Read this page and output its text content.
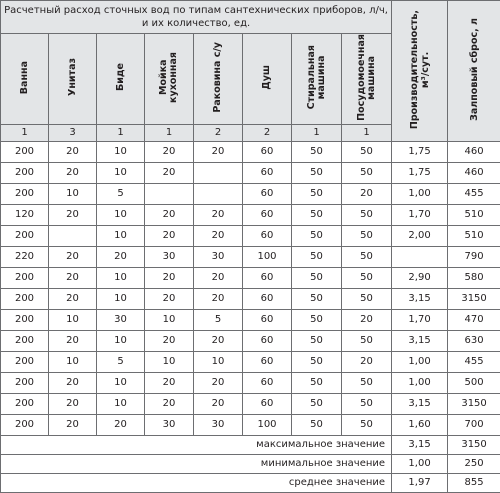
Расчетный расход сточных вод по типам сантехнических приборов, л/ч, и их количество, ед.								Производительность,
м³/сут.	Залповый сброс, л
Ванна	Унитаз	Биде	Мойка
кухонная	Раковина с/у	Душ	Стиральная
машина	Посудомоечная
машина		
1	3	1	1	2	2	1	1		
200	20	10	20	20	60	50	50	1,75	460
200	20	10	20		60	50	50	1,75	460
200	10	5			60	50	20	1,00	455
120	20	10	20	20	60	50	50	1,70	510
200		10	20	20	60	50	50	2,00	510
220	20	20	30	30	100	50	50		790
200	20	10	20	20	60	50	50	2,90	580
200	20	10	20	20	60	50	50	3,15	3150
200	10	30	10	5	60	50	20	1,70	470
200	20	10	20	20	60	50	50	3,15	630
200	10	5	10	10	60	50	20	1,00	455
200	20	10	20	20	60	50	50	1,00	500
200	20	10	20	20	60	50	50	3,15	3150
200	20	20	30	30	100	50	50	1,60	700
максимальное значение								3,15	3150
минимальное значение								1,00	250
среднее значение								1,97	855
